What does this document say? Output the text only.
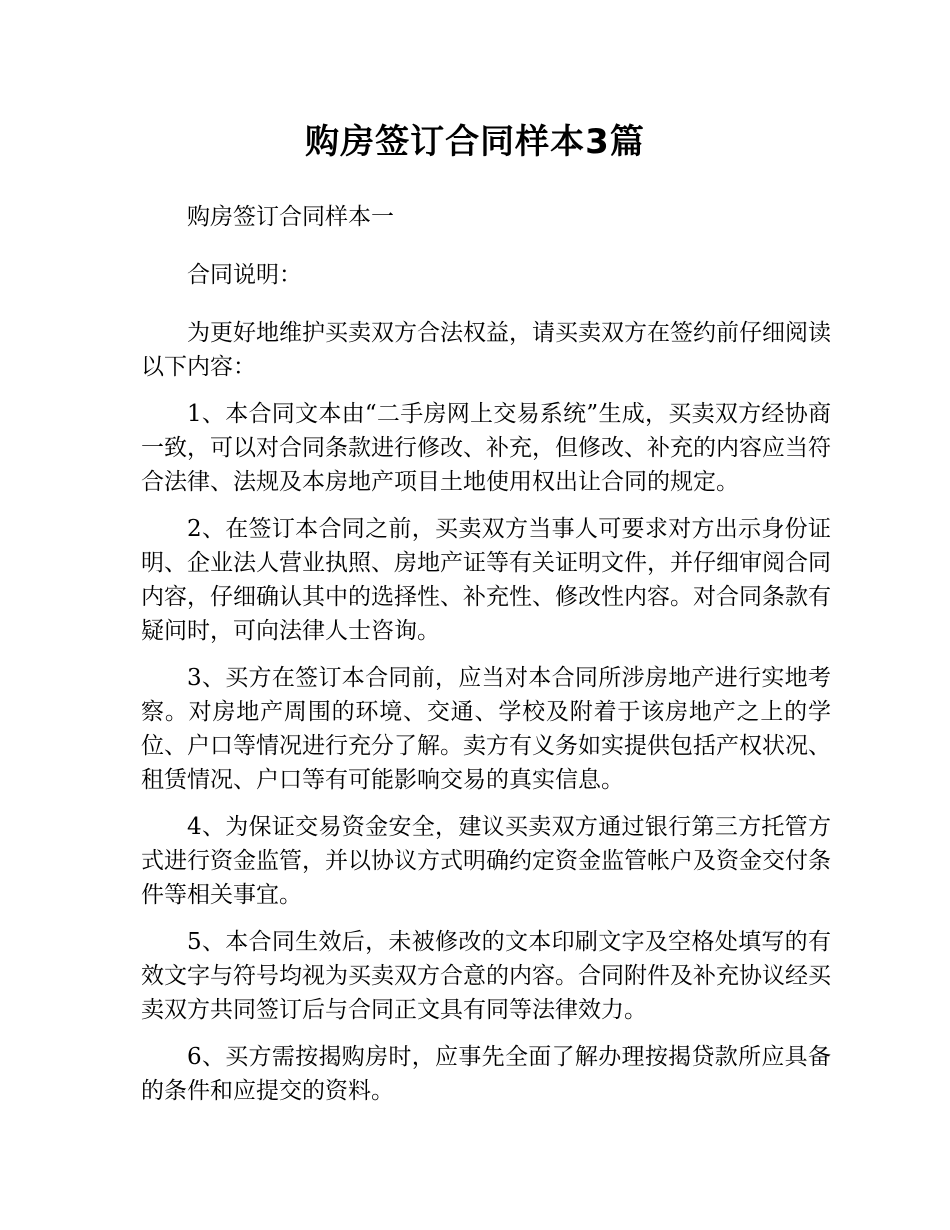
购房签订合同样本3篇

购房签订合同样本一

合同说明：

为更好地维护买卖双方合法权益，请买卖双方在签约前仔细阅读以下内容：

1、本合同文本由“二手房网上交易系统”生成，买卖双方经协商一致，可以对合同条款进行修改、补充，但修改、补充的内容应当符合法律、法规及本房地产项目土地使用权出让合同的规定。

2、在签订本合同之前，买卖双方当事人可要求对方出示身份证明、企业法人营业执照、房地产证等有关证明文件，并仔细审阅合同内容，仔细确认其中的选择性、补充性、修改性内容。对合同条款有疑问时，可向法律人士咨询。

3、买方在签订本合同前，应当对本合同所涉房地产进行实地考察。对房地产周围的环境、交通、学校及附着于该房地产之上的学位、户口等情况进行充分了解。卖方有义务如实提供包括产权状况、租赁情况、户口等有可能影响交易的真实信息。

4、为保证交易资金安全，建议买卖双方通过银行第三方托管方式进行资金监管，并以协议方式明确约定资金监管帐户及资金交付条件等相关事宜。

5、本合同生效后，未被修改的文本印刷文字及空格处填写的有效文字与符号均视为买卖双方合意的内容。合同附件及补充协议经买卖双方共同签订后与合同正文具有同等法律效力。

6、买方需按揭购房时，应事先全面了解办理按揭贷款所应具备的条件和应提交的资料。
